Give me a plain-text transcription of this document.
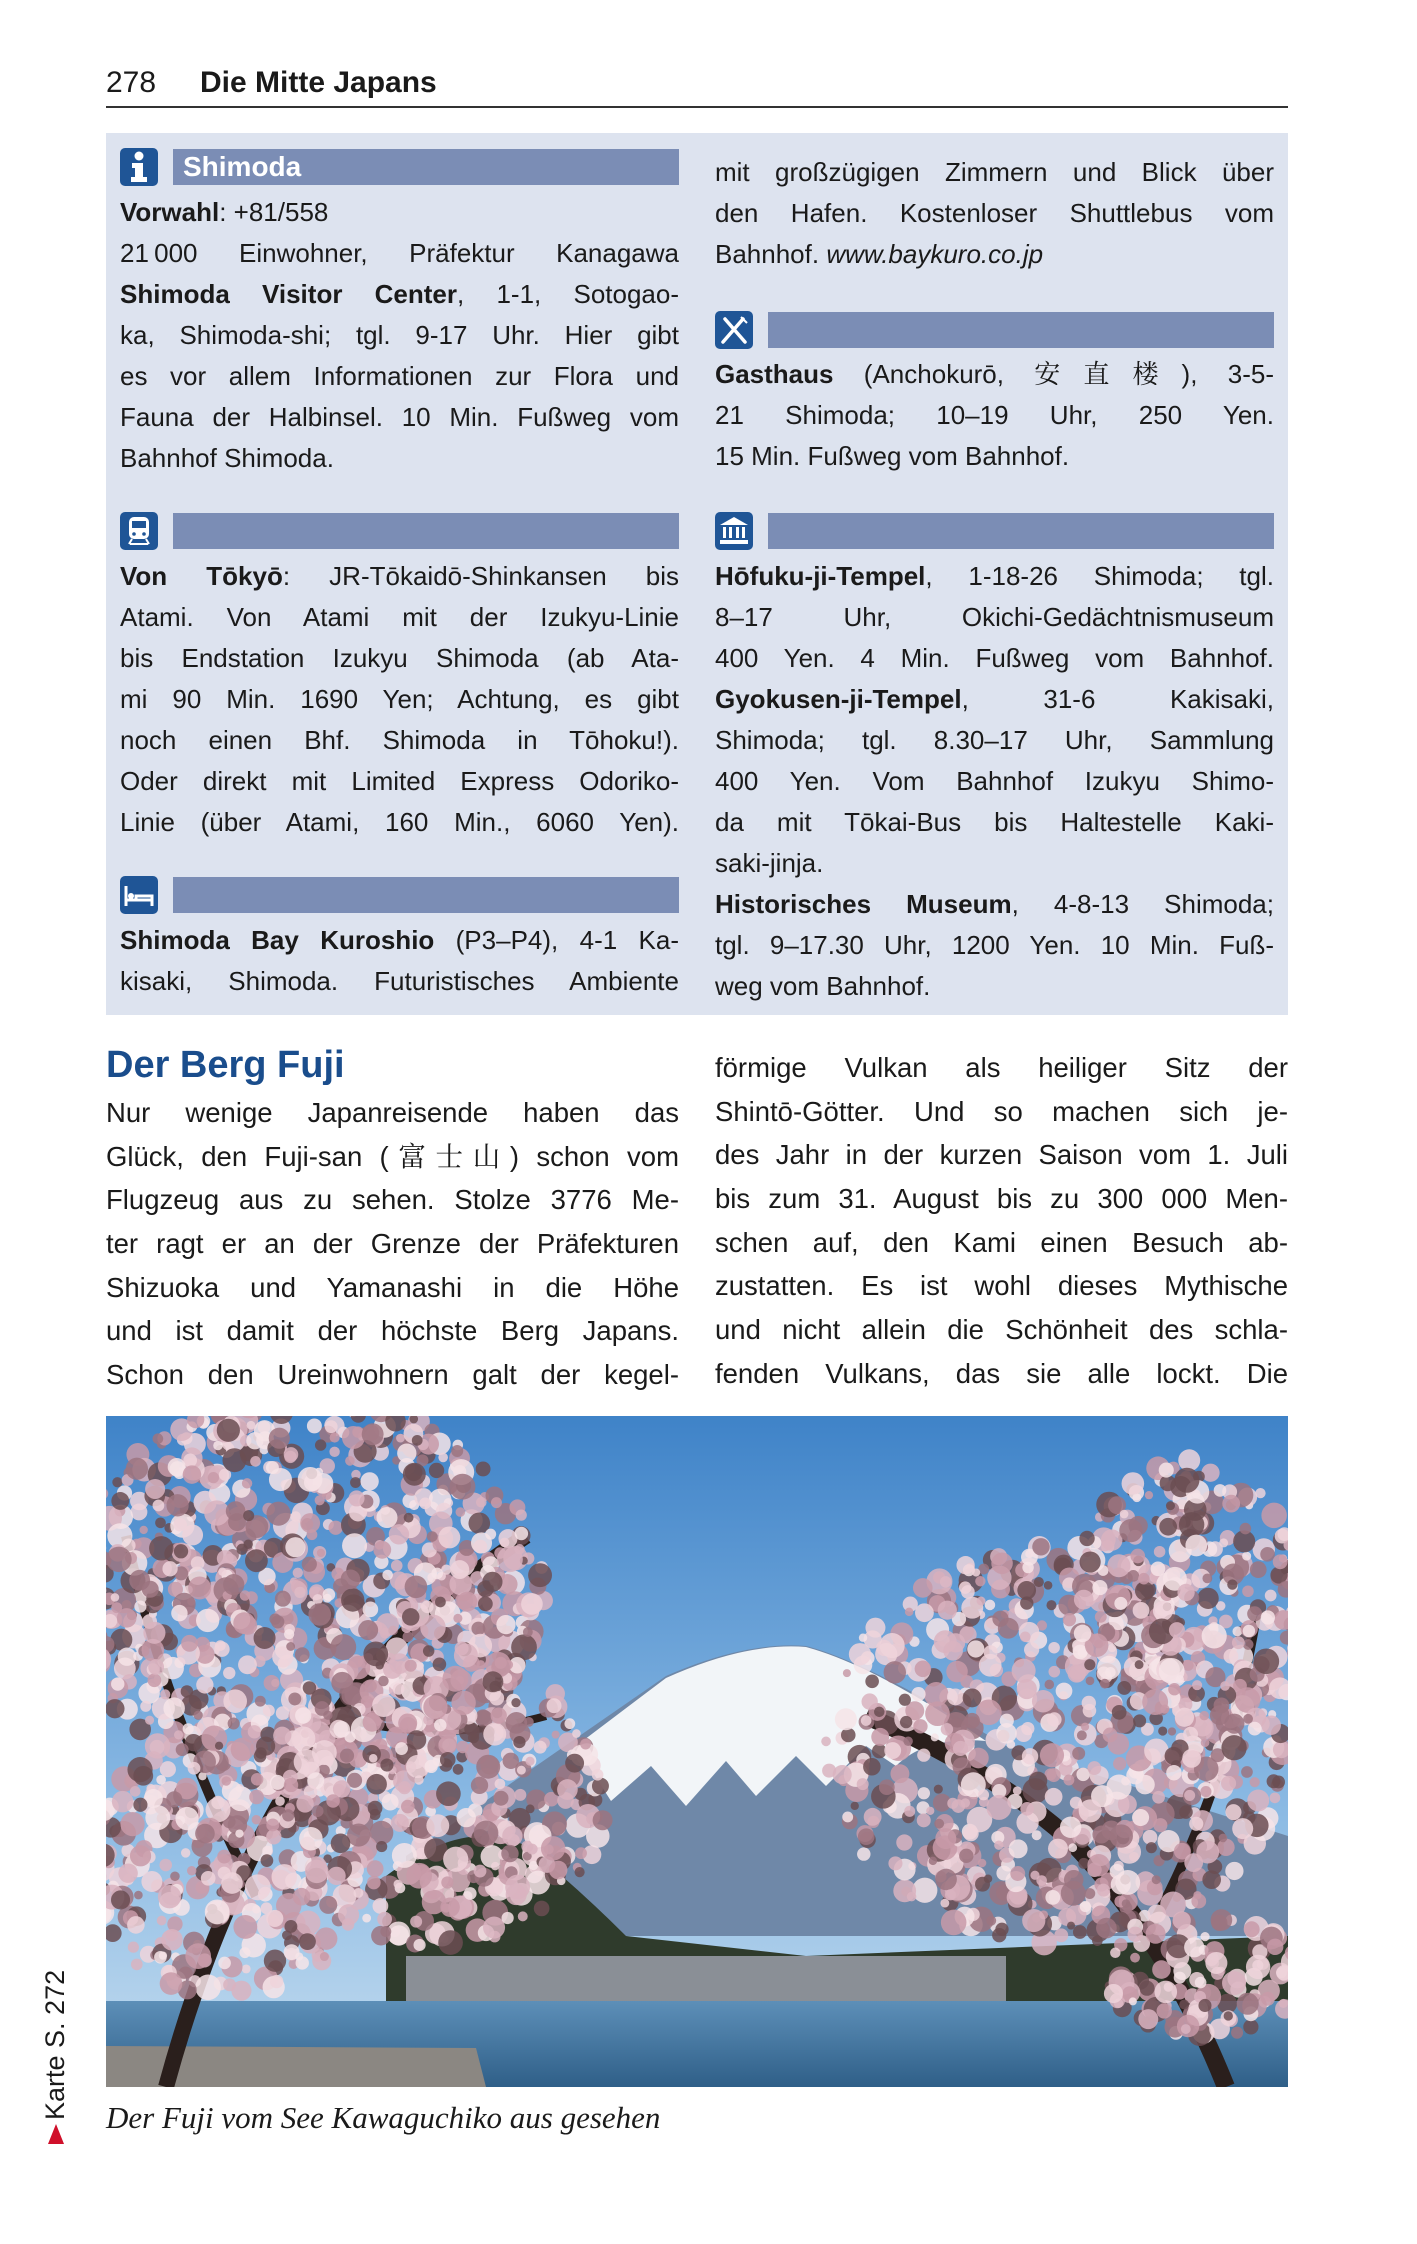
278 Die Mitte Japans
Shimoda
Vorwahl: +81/558
21 000 Einwohner, Präfektur Kanagawa
Shimoda Visitor Center, 1-1, Sotogao-
ka, Shimoda-shi; tgl. 9-17 Uhr. Hier gibt
es vor allem Informationen zur Flora und
Fauna der Halbinsel. 10 Min. Fußweg vom
Bahnhof Shimoda.
Von Tōkyō: JR-Tōkaidō-Shinkansen bis
Atami. Von Atami mit der Izukyu-Linie
bis Endstation Izukyu Shimoda (ab Ata-
mi 90 Min. 1690 Yen; Achtung, es gibt
noch einen Bhf. Shimoda in Tōhoku!).
Oder direkt mit Limited Express Odoriko-
Linie (über Atami, 160 Min., 6060 Yen).
Shimoda Bay Kuroshio (P3–P4), 4-1 Ka-
kisaki, Shimoda. Futuristisches Ambiente
mit großzügigen Zimmern und Blick über
den Hafen. Kostenloser Shuttlebus vom
Bahnhof. www.baykuro.co.jp
Gasthaus (Anchokurō, 安直楼), 3-5-
21 Shimoda; 10–19 Uhr, 250 Yen.
15 Min. Fußweg vom Bahnhof.
Hōfuku-ji-Tempel, 1-18-26 Shimoda; tgl.
8–17 Uhr, Okichi-Gedächtnismuseum
400 Yen. 4 Min. Fußweg vom Bahnhof.
Gyokusen-ji-Tempel, 31-6 Kakisaki,
Shimoda; tgl. 8.30–17 Uhr, Sammlung
400 Yen. Vom Bahnhof Izukyu Shimo-
da mit Tōkai-Bus bis Haltestelle Kaki-
saki-jinja.
Historisches Museum, 4-8-13 Shimoda;
tgl. 9–17.30 Uhr, 1200 Yen. 10 Min. Fuß-
weg vom Bahnhof.
Der Berg Fuji
Nur wenige Japanreisende haben das
Glück, den Fuji-san (富士山) schon vom
Flugzeug aus zu sehen. Stolze 3776 Me-
ter ragt er an der Grenze der Präfekturen
Shizuoka und Yamanashi in die Höhe
und ist damit der höchste Berg Japans.
Schon den Ureinwohnern galt der kegel-
förmige Vulkan als heiliger Sitz der
Shintō-Götter. Und so machen sich je-
des Jahr in der kurzen Saison vom 1. Juli
bis zum 31. August bis zu 300 000 Men-
schen auf, den Kami einen Besuch ab-
zustatten. Es ist wohl dieses Mythische
und nicht allein die Schönheit des schla-
fenden Vulkans, das sie alle lockt. Die
Der Fuji vom See Kawaguchiko aus gesehen
Karte S. 272
